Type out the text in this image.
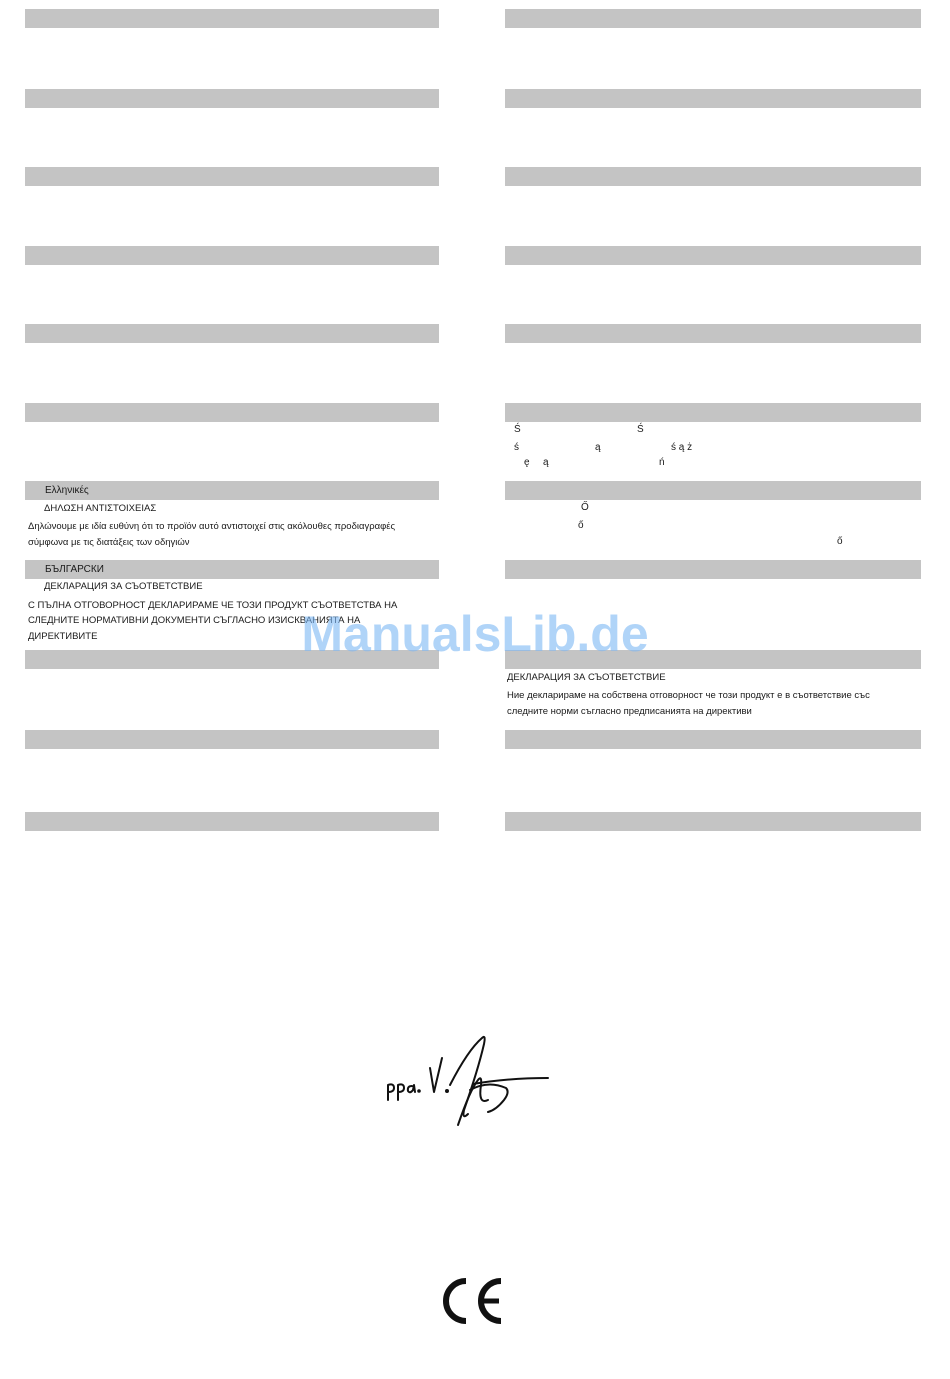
Ελληνικές
БЪЛГАРСКИ
ΔΗΛΩΣΗ ΑΝΤΙΣΤΟΙΧΕΙΑΣ
Δηλώνουμε με ιδία ευθύνη ότι το προϊόν αυτό αντιστοιχεί στις ακόλουθες προδιαγραφές
σύμφωνα με τις διατάξεις των οδηγιών
ДЕКЛАРАЦИЯ ЗА СЪОТВЕТСТВИЕ
С ПЪЛНА ОТГОВОРНОСТ ДЕКЛАРИРАМЕ ЧЕ ТОЗИ ПРОДУКТ СЪОТВЕТСТВА НА
СЛЕДНИТЕ НОРМАТИВНИ ДОКУМЕНТИ СЪГЛАСНО ИЗИСКВАНИЯТА НА
ДИРЕКТИВИТЕ
Ś	Ś
ś	ą	ś ą ż
ę ą	ń
Ő
ő
ő
ДЕКЛАРАЦИЯ ЗА СЪОТВЕТСТВИЕ
Ние декларираме на собствена отговорност че този продукт е в съответствие със
следните норми съгласно предписанията на директиви
ManualsLib.de
